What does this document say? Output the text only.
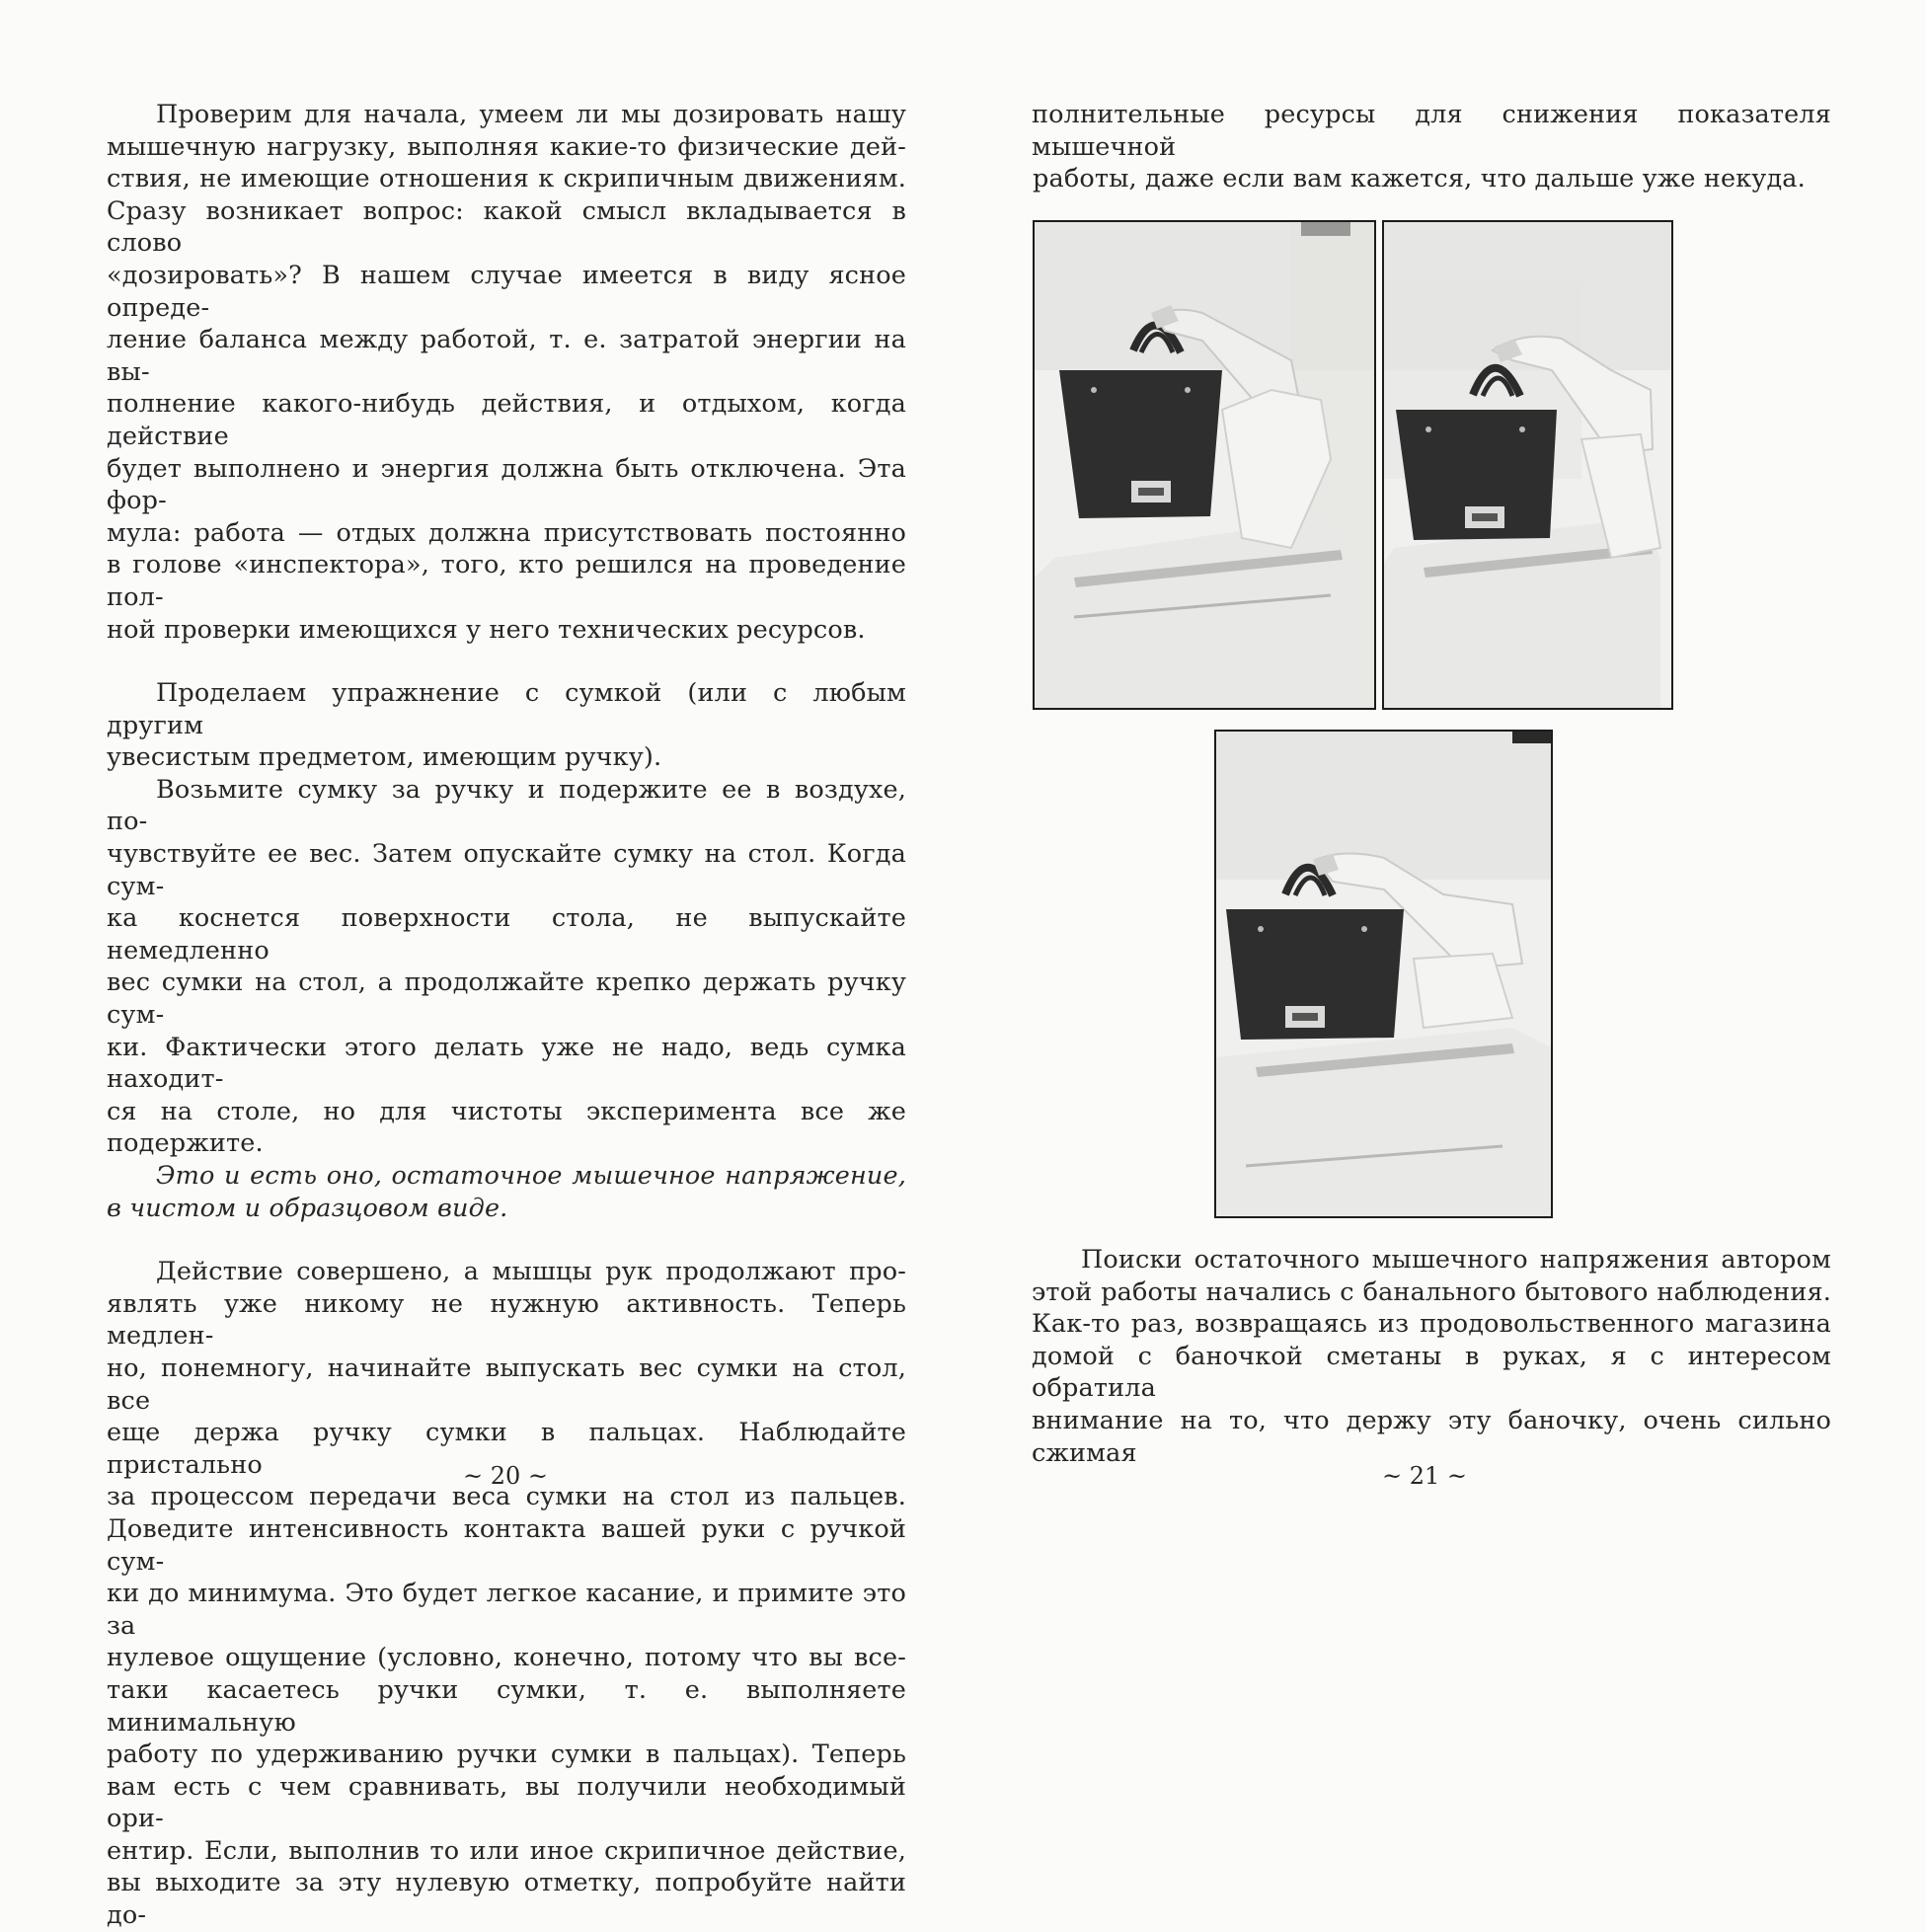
Проверим для начала, умеем ли мы дозировать нашу

мышечную нагрузку, выполняя какие-то физические дей-

ствия, не имеющие отношения к скрипичным движениям.

Сразу возникает вопрос: какой смысл вкладывается в слово

«дозировать»? В нашем случае имеется в виду ясное опреде-

ление баланса между работой, т. е. затратой энергии на вы-

полнение какого-нибудь действия, и отдыхом, когда действие

будет выполнено и энергия должна быть отключена. Эта фор-

мула: работа — отдых должна присутствовать постоянно

в голове «инспектора», того, кто решился на проведение пол-

ной проверки имеющихся у него технических ресурсов.

Проделаем упражнение с сумкой (или с любым другим

увесистым предметом, имеющим ручку).

Возьмите сумку за ручку и подержите ее в воздухе, по-

чувствуйте ее вес. Затем опускайте сумку на стол. Когда сум-

ка коснется поверхности стола, не выпускайте немедленно

вес сумки на стол, а продолжайте крепко держать ручку сум-

ки. Фактически этого делать уже не надо, ведь сумка находит-

ся на столе, но для чистоты эксперимента все же подержите.

Это и есть оно, остаточное мышечное напряжение,

в чистом и образцовом виде.

Действие совершено, а мышцы рук продолжают про-

являть уже никому не нужную активность. Теперь медлен-

но, понемногу, начинайте выпускать вес сумки на стол, все

еще держа ручку сумки в пальцах. Наблюдайте пристально

за процессом передачи веса сумки на стол из пальцев.

Доведите интенсивность контакта вашей руки с ручкой сум-

ки до минимума. Это будет легкое касание, и примите это за

нулевое ощущение (условно, конечно, потому что вы все-

таки касаетесь ручки сумки, т. е. выполняете минимальную

работу по удерживанию ручки сумки в пальцах). Теперь

вам есть с чем сравнивать, вы получили необходимый ори-

ентир. Если, выполнив то или иное скрипичное действие,

вы выходите за эту нулевую отметку, попробуйте найти до-

~ 20 ~

полнительные ресурсы для снижения показателя мышечной

работы, даже если вам кажется, что дальше уже некуда.

Поиски остаточного мышечного напряжения автором

этой работы начались с банального бытового наблюдения.

Как-то раз, возвращаясь из продовольственного магазина

домой с баночкой сметаны в руках, я с интересом обратила

внимание на то, что держу эту баночку, очень сильно сжимая

~ 21 ~
